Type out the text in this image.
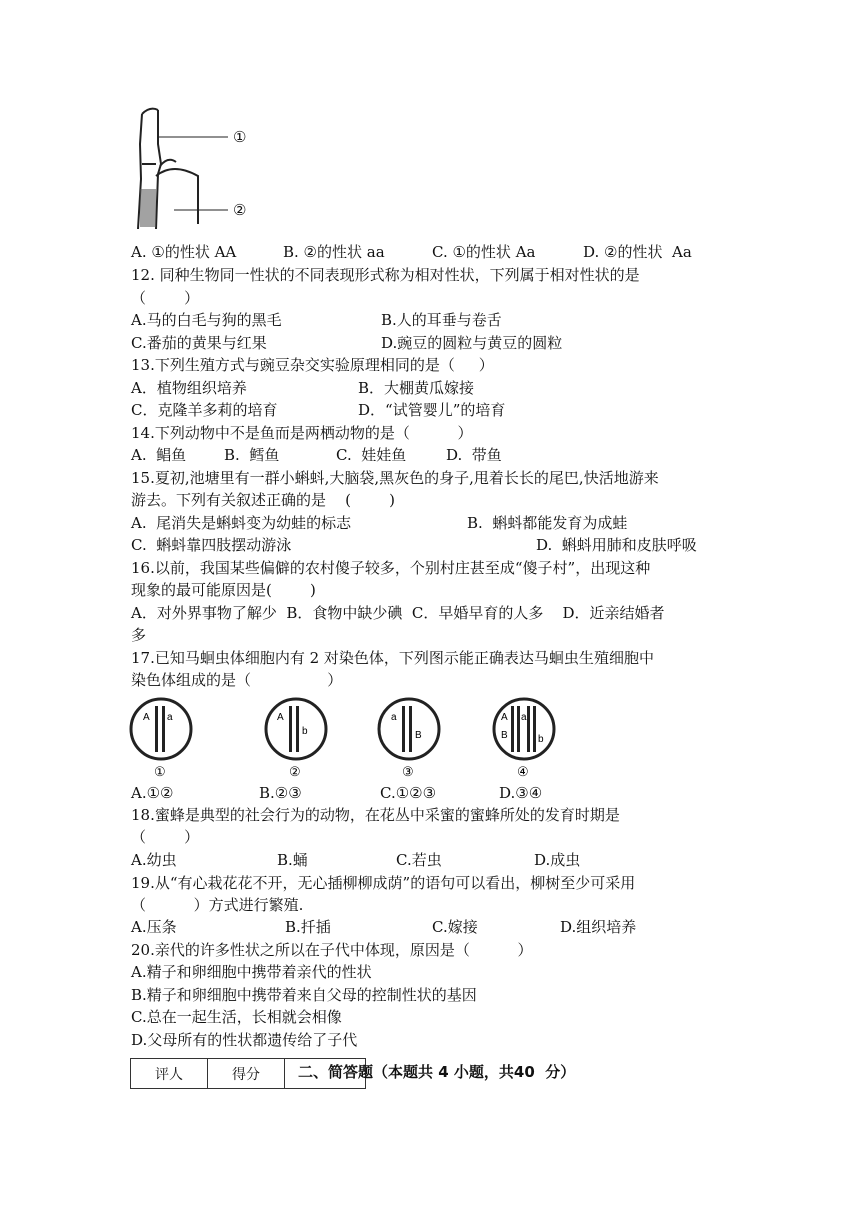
①
②
A. ①的性状 AA	B. ②的性状 aa	C. ①的性状 Aa	D. ②的性状  Aa
12. 同种生物同一性状的不同表现形式称为相对性状，下列属于相对性状的是
（        ）
A.马的白毛与狗的黑毛	B.人的耳垂与卷舌
C.番茄的黄果与红果	D.豌豆的圆粒与黄豆的圆粒
13.下列生殖方式与豌豆杂交实验原理相同的是（     ）
A．植物组织培养	B．大棚黄瓜嫁接
C．克隆羊多莉的培育	D．“试管婴儿”的培育
14.下列动物中不是鱼而是两栖动物的是（          ）
A.  鲳鱼	B.  鳕鱼	C.  娃娃鱼	D.  带鱼
15.夏初,池塘里有一群小蝌蚪,大脑袋,黑灰色的身子,甩着长长的尾巴,快活地游来
游去。下列有关叙述正确的是    (        )
A.  尾消失是蝌蚪变为幼蛙的标志	B.  蝌蚪都能发育为成蛙
C.  蝌蚪靠四肢摆动游泳	D.  蝌蚪用肺和皮肤呼吸
16.以前，我国某些偏僻的农村傻子较多，个别村庄甚至成“傻子村”，出现这种
现象的最可能原因是(        )
A．对外界事物了解少  B．食物中缺少碘  C．早婚早育的人多    D．近亲结婚者
多
17.已知马蛔虫体细胞内有 2 对染色体，下列图示能正确表达马蛔虫生殖细胞中
染色体组成的是（                ）
A a
①
A
b
②
a
B
③
A a
B	b
④
A.①②	B.②③	C.①②③	D.③④
18.蜜蜂是典型的社会行为的动物，在花丛中采蜜的蜜蜂所处的发育时期是
（        ）
A.幼虫	B.蛹	C.若虫	D.成虫
19.从“有心栽花花不开，无心插柳柳成荫”的语句可以看出，柳树至少可采用
（          ）方式进行繁殖.
A.压条	B.扦插	C.嫁接	D.组织培养
20.亲代的许多性状之所以在子代中体现，原因是（          ）
A.精子和卵细胞中携带着亲代的性状
B.精子和卵细胞中携带着来自父母的控制性状的基因
C.总在一起生活，长相就会相像
D.父母所有的性状都遗传给了子代
评人	得分		二、简答题（本题共 4 小题，共40  分）
